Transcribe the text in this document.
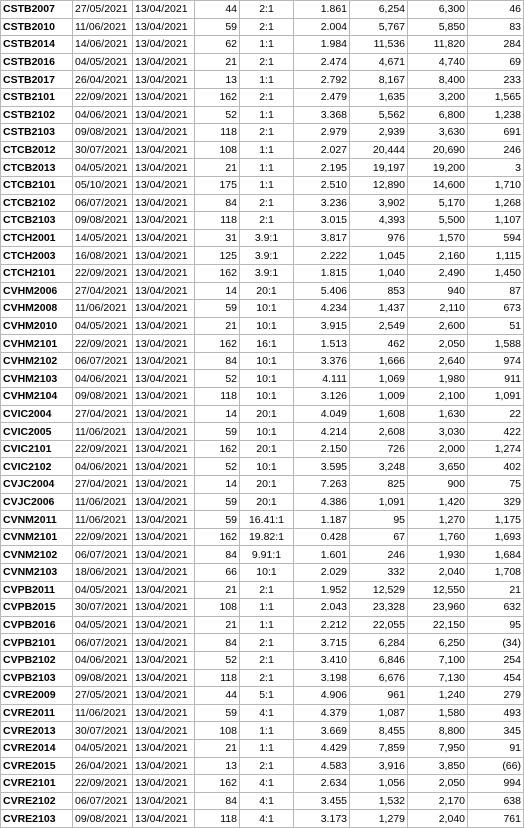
CSTB2007	27/05/2021	13/04/2021	44	2:1	1.861	6,254	6,300	46
CSTB2010	11/06/2021	13/04/2021	59	2:1	2.004	5,767	5,850	83
CSTB2014	14/06/2021	13/04/2021	62	1:1	1.984	11,536	11,820	284
CSTB2016	04/05/2021	13/04/2021	21	2:1	2.474	4,671	4,740	69
CSTB2017	26/04/2021	13/04/2021	13	1:1	2.792	8,167	8,400	233
CSTB2101	22/09/2021	13/04/2021	162	2:1	2.479	1,635	3,200	1,565
CSTB2102	04/06/2021	13/04/2021	52	1:1	3.368	5,562	6,800	1,238
CSTB2103	09/08/2021	13/04/2021	118	2:1	2.979	2,939	3,630	691
CTCB2012	30/07/2021	13/04/2021	108	1:1	2.027	20,444	20,690	246
CTCB2013	04/05/2021	13/04/2021	21	1:1	2.195	19,197	19,200	3
CTCB2101	05/10/2021	13/04/2021	175	1:1	2.510	12,890	14,600	1,710
CTCB2102	06/07/2021	13/04/2021	84	2:1	3.236	3,902	5,170	1,268
CTCB2103	09/08/2021	13/04/2021	118	2:1	3.015	4,393	5,500	1,107
CTCH2001	14/05/2021	13/04/2021	31	3.9:1	3.817	976	1,570	594
CTCH2003	16/08/2021	13/04/2021	125	3.9:1	2.222	1,045	2,160	1,115
CTCH2101	22/09/2021	13/04/2021	162	3.9:1	1.815	1,040	2,490	1,450
CVHM2006	27/04/2021	13/04/2021	14	20:1	5.406	853	940	87
CVHM2008	11/06/2021	13/04/2021	59	10:1	4.234	1,437	2,110	673
CVHM2010	04/05/2021	13/04/2021	21	10:1	3.915	2,549	2,600	51
CVHM2101	22/09/2021	13/04/2021	162	16:1	1.513	462	2,050	1,588
CVHM2102	06/07/2021	13/04/2021	84	10:1	3.376	1,666	2,640	974
CVHM2103	04/06/2021	13/04/2021	52	10:1	4.111	1,069	1,980	911
CVHM2104	09/08/2021	13/04/2021	118	10:1	3.126	1,009	2,100	1,091
CVIC2004	27/04/2021	13/04/2021	14	20:1	4.049	1,608	1,630	22
CVIC2005	11/06/2021	13/04/2021	59	10:1	4.214	2,608	3,030	422
CVIC2101	22/09/2021	13/04/2021	162	20:1	2.150	726	2,000	1,274
CVIC2102	04/06/2021	13/04/2021	52	10:1	3.595	3,248	3,650	402
CVJC2004	27/04/2021	13/04/2021	14	20:1	7.263	825	900	75
CVJC2006	11/06/2021	13/04/2021	59	20:1	4.386	1,091	1,420	329
CVNM2011	11/06/2021	13/04/2021	59	16.41:1	1.187	95	1,270	1,175
CVNM2101	22/09/2021	13/04/2021	162	19.82:1	0.428	67	1,760	1,693
CVNM2102	06/07/2021	13/04/2021	84	9.91:1	1.601	246	1,930	1,684
CVNM2103	18/06/2021	13/04/2021	66	10:1	2.029	332	2,040	1,708
CVPB2011	04/05/2021	13/04/2021	21	2:1	1.952	12,529	12,550	21
CVPB2015	30/07/2021	13/04/2021	108	1:1	2.043	23,328	23,960	632
CVPB2016	04/05/2021	13/04/2021	21	1:1	2.212	22,055	22,150	95
CVPB2101	06/07/2021	13/04/2021	84	2:1	3.715	6,284	6,250	(34)
CVPB2102	04/06/2021	13/04/2021	52	2:1	3.410	6,846	7,100	254
CVPB2103	09/08/2021	13/04/2021	118	2:1	3.198	6,676	7,130	454
CVRE2009	27/05/2021	13/04/2021	44	5:1	4.906	961	1,240	279
CVRE2011	11/06/2021	13/04/2021	59	4:1	4.379	1,087	1,580	493
CVRE2013	30/07/2021	13/04/2021	108	1:1	3.669	8,455	8,800	345
CVRE2014	04/05/2021	13/04/2021	21	1:1	4.429	7,859	7,950	91
CVRE2015	26/04/2021	13/04/2021	13	2:1	4.583	3,916	3,850	(66)
CVRE2101	22/09/2021	13/04/2021	162	4:1	2.634	1,056	2,050	994
CVRE2102	06/07/2021	13/04/2021	84	4:1	3.455	1,532	2,170	638
CVRE2103	09/08/2021	13/04/2021	118	4:1	3.173	1,279	2,040	761
